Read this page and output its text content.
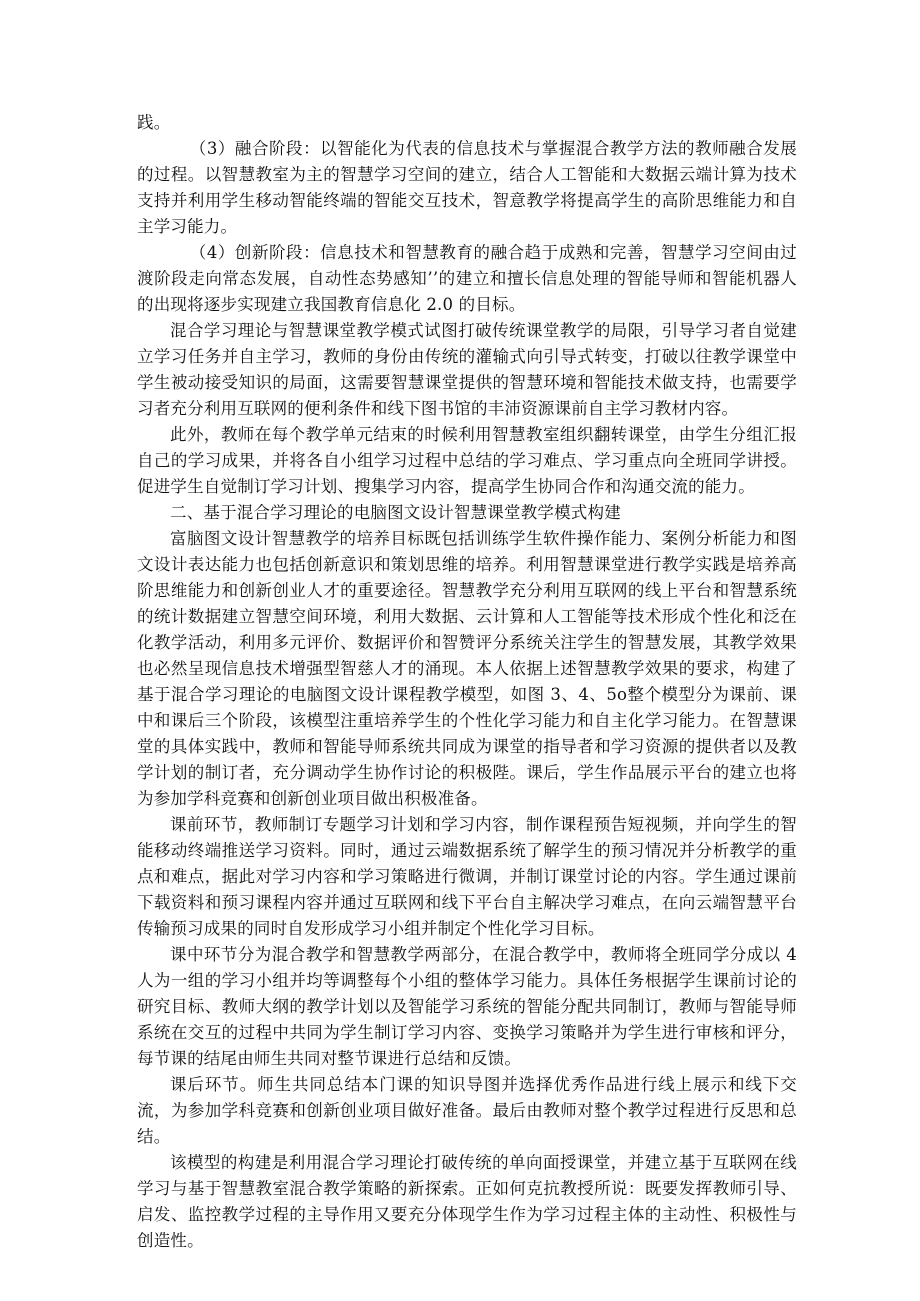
践。

（3）融合阶段：以智能化为代表的信息技术与掌握混合教学方法的教师融合发展的过程。以智慧教室为主的智慧学习空间的建立，结合人工智能和大数据云端计算为技术支持并利用学生移动智能终端的智能交互技术，智意教学将提高学生的高阶思维能力和自主学习能力。

（4）创新阶段：信息技术和智慧教育的融合趋于成熟和完善，智慧学习空间由过渡阶段走向常态发展，自动性态势感知’’的建立和擅长信息处理的智能导师和智能机器人的出现将逐步实现建立我国教育信息化 2.0 的目标。

混合学习理论与智慧课堂教学模式试图打破传统课堂教学的局限，引导学习者自觉建立学习任务并自主学习，教师的身份由传统的灌输式向引导式转变，打破以往教学课堂中学生被动接受知识的局面，这需要智慧课堂提供的智慧环境和智能技术做支持，也需要学习者充分利用互联网的便利条件和线下图书馆的丰沛资源课前自主学习教材内容。

此外，教师在每个教学单元结束的时候利用智慧教室组织翻转课堂，由学生分组汇报自己的学习成果，并将各自小组学习过程中总结的学习难点、学习重点向全班同学讲授。促进学生自觉制订学习计划、搜集学习内容，提高学生协同合作和沟通交流的能力。

二、基于混合学习理论的电脑图文设计智慧课堂教学模式构建

富脑图文设计智慧教学的培养目标既包括训练学生软件操作能力、案例分析能力和图文设计表达能力也包括创新意识和策划思维的培养。利用智慧课堂进行教学实践是培养高阶思维能力和创新创业人才的重要途径。智慧教学充分利用互联网的线上平台和智慧系统的统计数据建立智慧空间环境，利用大数据、云计算和人工智能等技术形成个性化和泛在化教学活动，利用多元评价、数据评价和智赞评分系统关注学生的智慧发展，其教学效果也必然呈现信息技术增强型智慈人才的涌现。本人依据上述智慧教学效果的要求，构建了基于混合学习理论的电脑图文设计课程教学模型，如图 3、4、5o整个模型分为课前、课中和课后三个阶段，该模型注重培养学生的个性化学习能力和自主化学习能力。在智慧课堂的具体实践中，教师和智能导师系统共同成为课堂的指导者和学习资源的提供者以及教学计划的制订者，充分调动学生协作讨论的积极陛。课后，学生作品展示平台的建立也将为参加学科竞赛和创新创业项目做出积极准备。

课前环节，教师制订专题学习计划和学习内容，制作课程预告短视频，并向学生的智能移动终端推送学习资料。同时，通过云端数据系统了解学生的预习情况并分析教学的重点和难点，据此对学习内容和学习策略进行微调，并制订课堂讨论的内容。学生通过课前下载资料和预习课程内容并通过互联网和线下平台自主解决学习难点，在向云端智慧平台传输预习成果的同时自发形成学习小组并制定个性化学习目标。

课中环节分为混合教学和智慧教学两部分，在混合教学中，教师将全班同学分成以 4 人为一组的学习小组并均等调整每个小组的整体学习能力。具体任务根据学生课前讨论的研究目标、教师大纲的教学计划以及智能学习系统的智能分配共同制订，教师与智能导师系统在交互的过程中共同为学生制订学习内容、变换学习策略并为学生进行审核和评分，每节课的结尾由师生共同对整节课进行总结和反馈。

课后环节。师生共同总结本门课的知识导图并选择优秀作品进行线上展示和线下交流，为参加学科竞赛和创新创业项目做好准备。最后由教师对整个教学过程进行反思和总结。

该模型的构建是利用混合学习理论打破传统的单向面授课堂，并建立基于互联网在线学习与基于智慧教室混合教学策略的新探索。正如何克抗教授所说：既要发挥教师引导、启发、监控教学过程的主导作用又要充分体现学生作为学习过程主体的主动性、积极性与创造性。
